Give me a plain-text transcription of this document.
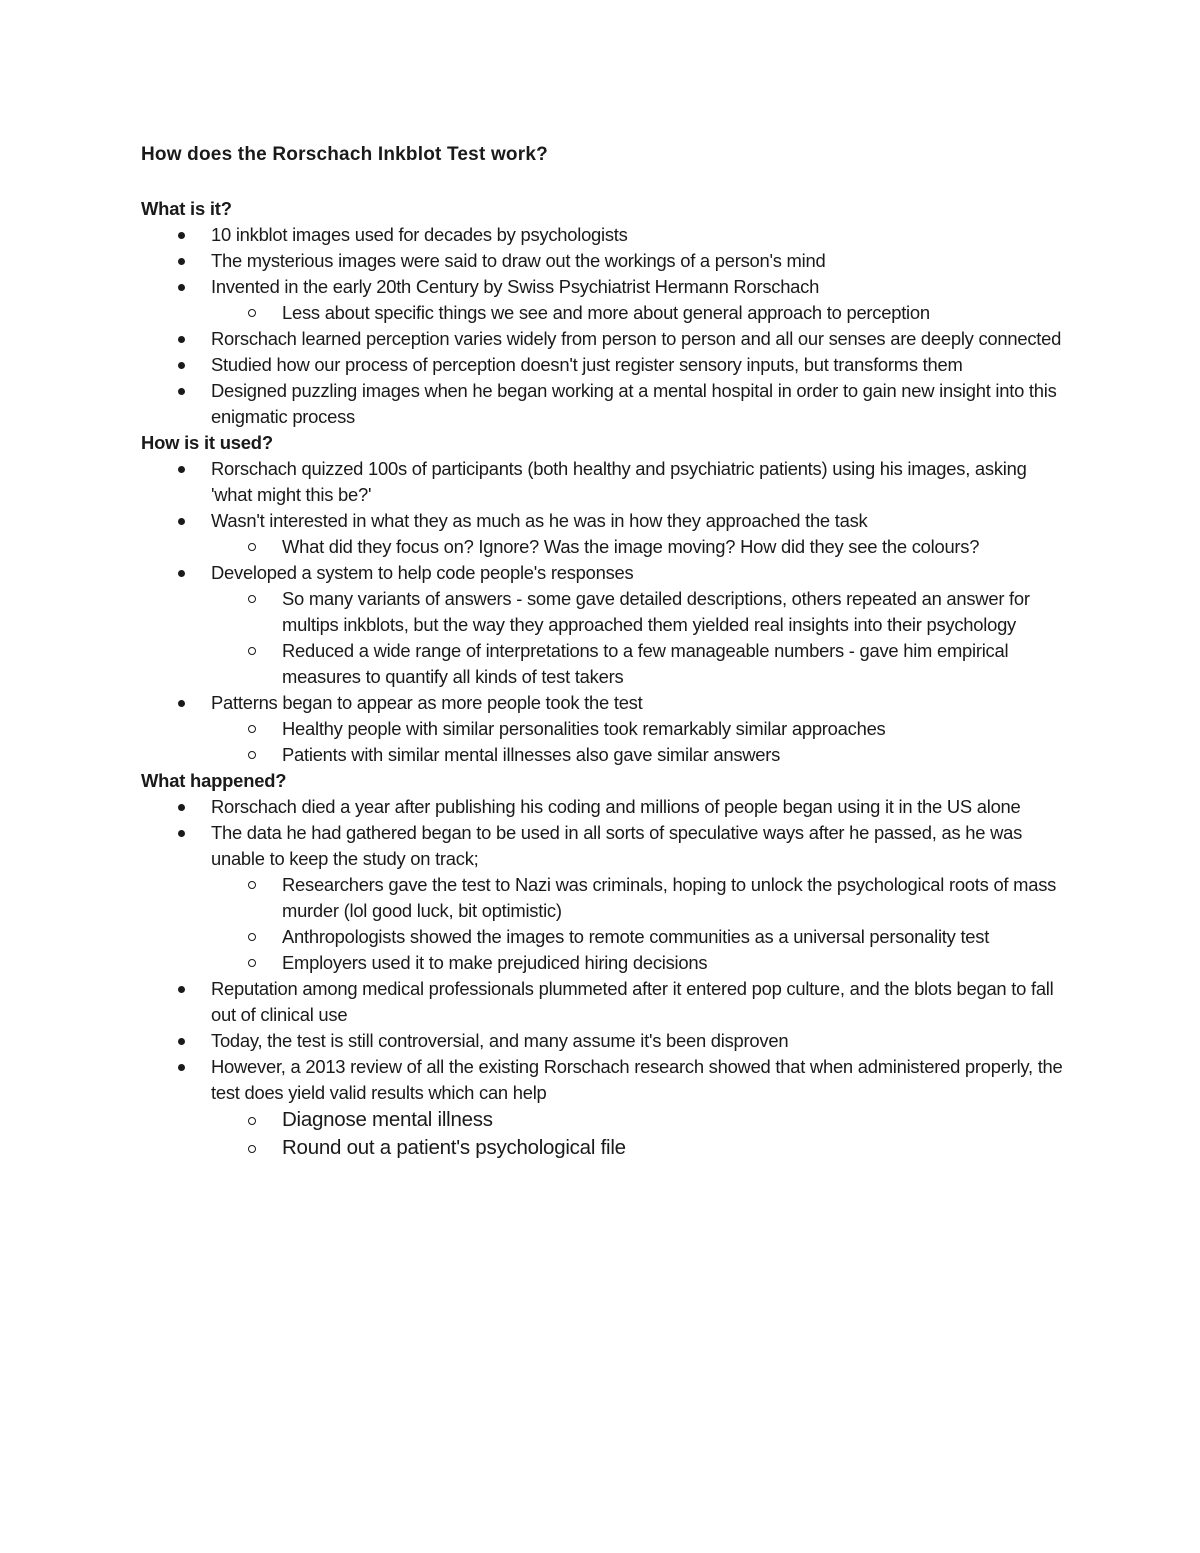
How does the Rorschach Inkblot Test work?
What is it?
10 inkblot images used for decades by psychologists
The mysterious images were said to draw out the workings of a person's mind
Invented in the early 20th Century by Swiss Psychiatrist Hermann Rorschach
Less about specific things we see and more about general approach to perception
Rorschach learned perception varies widely from person to person and all our senses are deeply connected
Studied how our process of perception doesn't just register sensory inputs, but transforms them
Designed puzzling images when he began working at a mental hospital in order to gain new insight into this enigmatic process
How is it used?
Rorschach quizzed 100s of participants (both healthy and psychiatric patients) using his images, asking 'what might this be?'
Wasn't interested in what they as much as he was in how they approached the task
What did they focus on? Ignore? Was the image moving? How did they see the colours?
Developed a system to help code people's responses
So many variants of answers - some gave detailed descriptions, others repeated an answer for multips inkblots, but the way they approached them yielded real insights into their psychology
Reduced a wide range of interpretations to a few manageable numbers - gave him empirical measures to quantify all kinds of test takers
Patterns began to appear as more people took the test
Healthy people with similar personalities took remarkably similar approaches
Patients with similar mental illnesses also gave similar answers
What happened?
Rorschach died a year after publishing his coding and millions of people began using it in the US alone
The data he had gathered began to be used in all sorts of speculative ways after he passed, as he was unable to keep the study on track;
Researchers gave the test to Nazi was criminals, hoping to unlock the psychological roots of mass murder (lol good luck, bit optimistic)
Anthropologists showed the images to remote communities as a universal personality test
Employers used it to make prejudiced hiring decisions
Reputation among medical professionals plummeted after it entered pop culture, and the blots began to fall out of clinical use
Today, the test is still controversial, and many assume it's been disproven
However, a 2013 review of all the existing Rorschach research showed that when administered properly, the test does yield valid results which can help
Diagnose mental illness
Round out a patient's psychological file
